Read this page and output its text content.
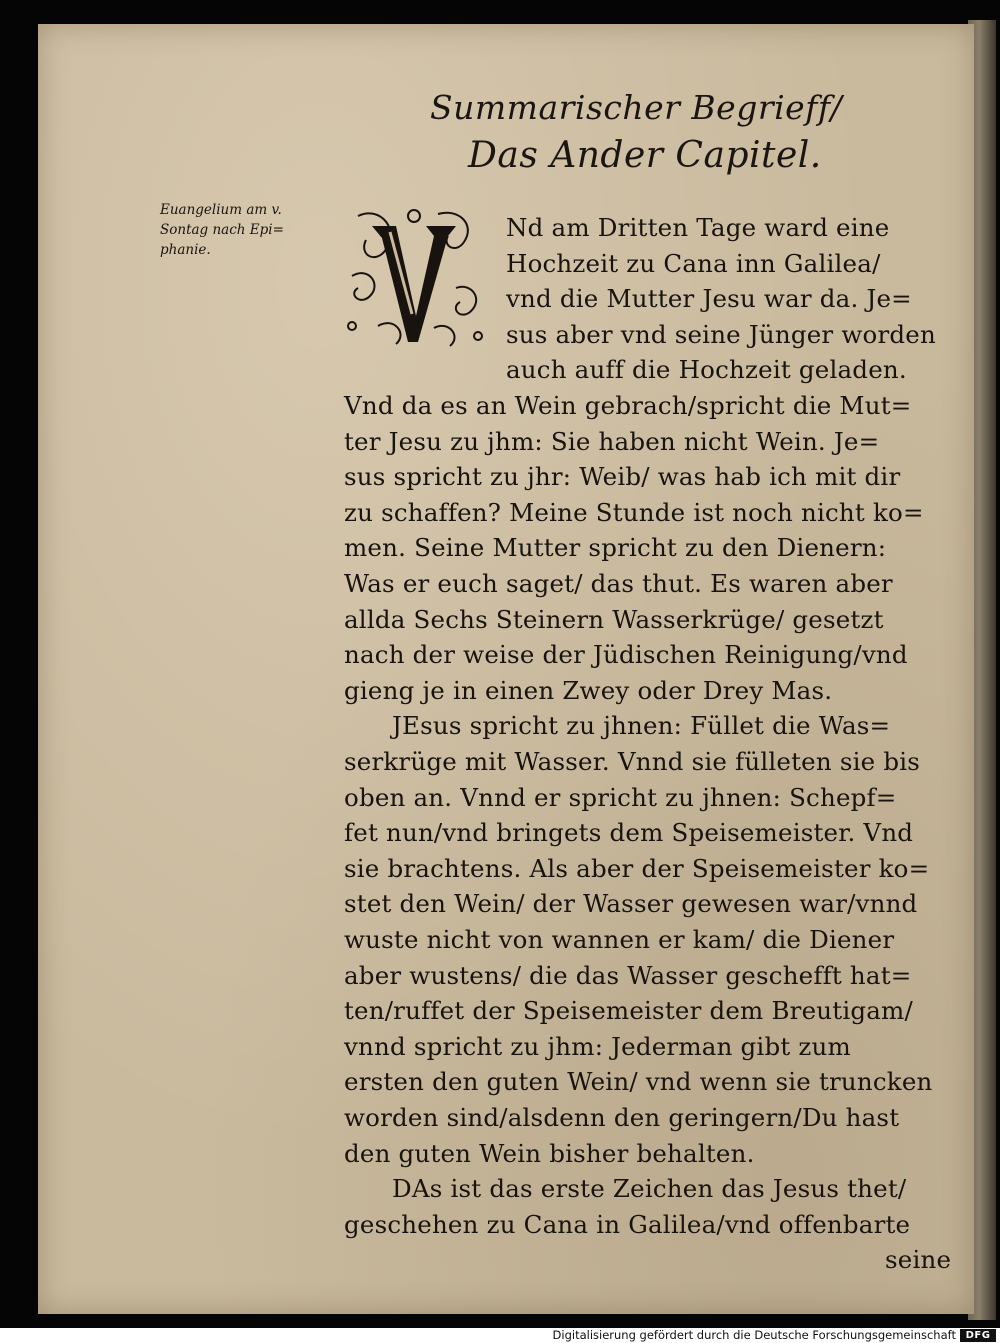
Summarischer Begrieff/
Das Ander Capitel.
Euangelium am v.
Sontag nach Epi=
phanie.
Nd am Dritten Tage ward eine
Hochzeit zu Cana inn Galilea/
vnd die Mutter Jesu war da. Je=
sus aber vnd seine Jünger worden
auch auff die Hochzeit geladen.
Vnd da es an Wein gebrach/spricht die Mut=
ter Jesu zu jhm: Sie haben nicht Wein. Je=
sus spricht zu jhr: Weib/ was hab ich mit dir
zu schaffen? Meine Stunde ist noch nicht ko=
men. Seine Mutter spricht zu den Dienern:
Was er euch saget/ das thut. Es waren aber
allda Sechs Steinern Wasserkrüge/ gesetzt
nach der weise der Jüdischen Reinigung/vnd
gieng je in einen Zwey oder Drey Mas.
JEsus spricht zu jhnen: Füllet die Was=
serkrüge mit Wasser. Vnnd sie fülleten sie bis
oben an. Vnnd er spricht zu jhnen: Schepf=
fet nun/vnd bringets dem Speisemeister. Vnd
sie brachtens. Als aber der Speisemeister ko=
stet den Wein/ der Wasser gewesen war/vnnd
wuste nicht von wannen er kam/ die Diener
aber wustens/ die das Wasser geschefft hat=
ten/ruffet der Speisemeister dem Breutigam/
vnnd spricht zu jhm: Jederman gibt zum
ersten den guten Wein/ vnd wenn sie truncken
worden sind/alsdenn den geringern/Du hast
den guten Wein bisher behalten.
DAs ist das erste Zeichen das Jesus thet/
geschehen zu Cana in Galilea/vnd offenbarte
seine
Digitalisierung gefördert durch die Deutsche Forschungsgemeinschaft DFG
